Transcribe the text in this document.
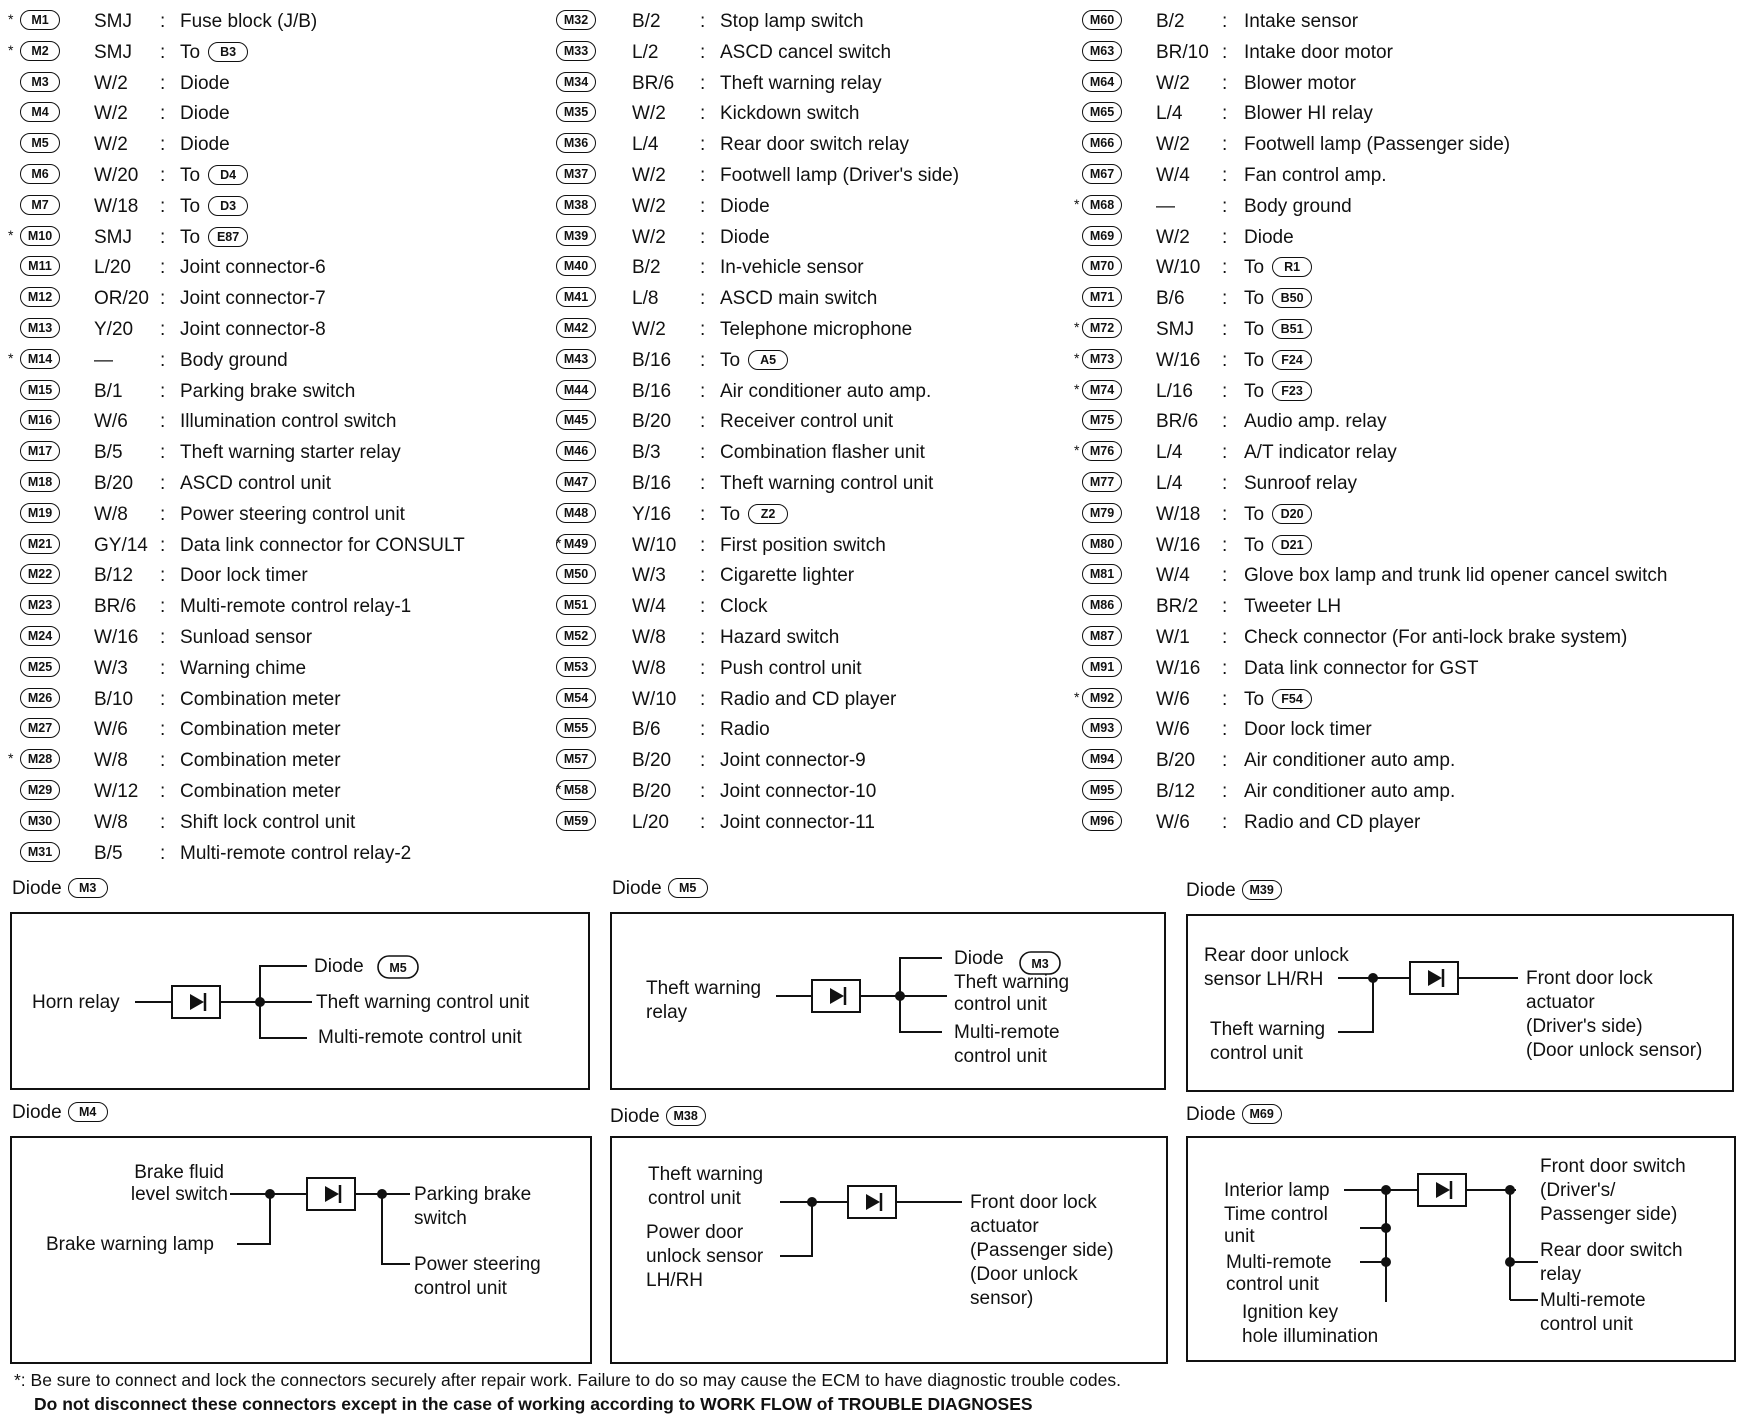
*	M1	SMJ : Fuse block (J/B)
*	M2	SMJ : To B3
M3	W/2 : Diode
M4	W/2 : Diode
M5	W/2 : Diode
M6	W/20 : To D4
M7	W/18 : To D3
*	M10	SMJ : To E87
M11	L/20 : Joint connector-6
M12	OR/20 : Joint connector-7
M13	Y/20 : Joint connector-8
*	M14	— : Body ground
M15	B/1 : Parking brake switch
M16	W/6 : Illumination control switch
M17	B/5 : Theft warning starter relay
M18	B/20 : ASCD control unit
M19	W/8 : Power steering control unit
M21	GY/14 : Data link connector for CONSULT
M22	B/12 : Door lock timer
M23	BR/6 : Multi-remote control relay-1
M24	W/16 : Sunload sensor
M25	W/3 : Warning chime
M26	B/10 : Combination meter
M27	W/6 : Combination meter
*	M28	W/8 : Combination meter
M29	W/12 : Combination meter
M30	W/8 : Shift lock control unit
M31	B/5 : Multi-remote control relay-2
M32	B/2 : Stop lamp switch
M33	L/2 : ASCD cancel switch
M34	BR/6 : Theft warning relay
M35	W/2 : Kickdown switch
M36	L/4 : Rear door switch relay
M37	W/2 : Footwell lamp (Driver's side)
M38	W/2 : Diode
M39	W/2 : Diode
M40	B/2 : In-vehicle sensor
M41	L/8 : ASCD main switch
M42	W/2 : Telephone microphone
M43	B/16 : To A5
M44	B/16 : Air conditioner auto amp.
M45	B/20 : Receiver control unit
M46	B/3 : Combination flasher unit
M47	B/16 : Theft warning control unit
M48	Y/16 : To Z2
* M49	W/10 : First position switch
M50	W/3 : Cigarette lighter
M51	W/4 : Clock
M52	W/8 : Hazard switch
M53	W/8 : Push control unit
M54	W/10 : Radio and CD player
M55	B/6 : Radio
M57	B/20 : Joint connector-9
* M58	B/20 : Joint connector-10
M59	L/20 : Joint connector-11
M60	B/2 : Intake sensor
M63	BR/10 : Intake door motor
M64	W/2 : Blower motor
M65	L/4 : Blower HI relay
M66	W/2 : Footwell lamp (Passenger side)
M67	W/4 : Fan control amp.
* M68	— : Body ground
M69	W/2 : Diode
M70	W/10 : To R1
M71	B/6 : To B50
* M72	SMJ : To B51
* M73	W/16 : To F24
* M74	L/16 : To F23
M75	BR/6 : Audio amp. relay
* M76	L/4 : A/T indicator relay
M77	L/4 : Sunroof relay
M79	W/18 : To D20
M80	W/16 : To D21
M81	W/4 : Glove box lamp and trunk lid opener cancel switch
M86	BR/2 : Tweeter LH
M87	W/1 : Check connector (For anti-lock brake system)
M91	W/16 : Data link connector for GST
* M92	W/6 : To F54
M93	W/6 : Door lock timer
M94	B/20 : Air conditioner auto amp.
M95	B/12 : Air conditioner auto amp.
M96	W/6 : Radio and CD player
Diode M3	Diode M5	Diode M39
Diode M4	Diode M38	Diode M69
Horn relay
Diode M5
Theft warning control unit
Multi-remote control unit
Theft warning
relay
Diode M3
Theft warning
control unit
Multi-remote
control unit
Rear door unlock
sensor LH/RH
Theft warning
control unit
Front door lock
actuator
(Driver's side)
(Door unlock sensor)
Brake fluid
level switch
Brake warning lamp
Parking brake
switch
Power steering
control unit
Theft warning
control unit
Power door
unlock sensor
LH/RH
Front door lock
actuator
(Passenger side)
(Door unlock
sensor)
Interior lamp
Time control
unit
Multi-remote
control unit
Ignition key
hole illumination
Front door switch
(Driver's/
Passenger side)
Rear door switch
relay
Multi-remote
control unit
*: Be sure to connect and lock the connectors securely after repair work. Failure to do so may cause the ECM to have diagnostic trouble codes.
Do not disconnect these connectors except in the case of working according to WORK FLOW of TROUBLE DIAGNOSES
